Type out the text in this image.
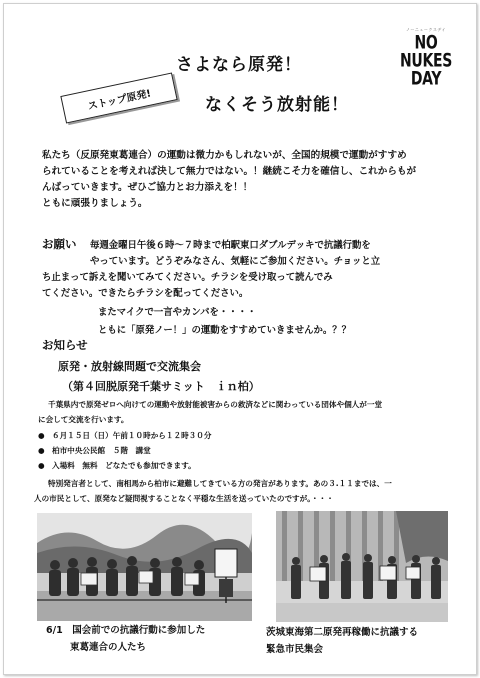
ストップ原発!
さよなら原発！
なくそう放射能！
ノーニュークスデイ
NO
NUKES
DAY
私たち（反原発東葛連合）の運動は微力かもしれないが、全国的規模で運動がすすめ
られていることを考えれば決して無力ではない。！継続こそ力を確信し、これからもが
んばっていきます。ぜひご協力とお力添えを！！
ともに頑張りましょう。
お願い 毎週金曜日午後６時～７時まで柏駅東口ダブルデッキで抗議行動を
やっています。どうぞみなさん、気軽にご参加ください。チョッと立
ち止まって訴えを聞いてみてください。チラシを受け取って読んでみ
てください。できたらチラシを配ってください。
またマイクで一言やカンパを・・・・
ともに「原発ノー！」の運動をすすめていきませんか。？？
お知らせ
原発・放射線問題で交流集会
（第４回脱原発千葉サミット　ｉｎ柏）
千葉県内で原発ゼロへ向けての運動や放射能被害からの救済などに関わっている団体や個人が一堂
に会して交流を行います。
● ６月１５日（日）午前１０時から１２時３０分
● 柏市中央公民館　５階　講堂
● 入場料　無料　どなたでも参加できます。
特別発言者として、南相馬から柏市に避難してきている方の発言があります。あの３.１１までは、一
人の市民として、原発など疑問視することなく平穏な生活を送っていたのですが。・・・
6/1　国会前での抗議行動に参加した
東葛連合の人たち
茨城東海第二原発再稼働に抗議する
緊急市民集会
